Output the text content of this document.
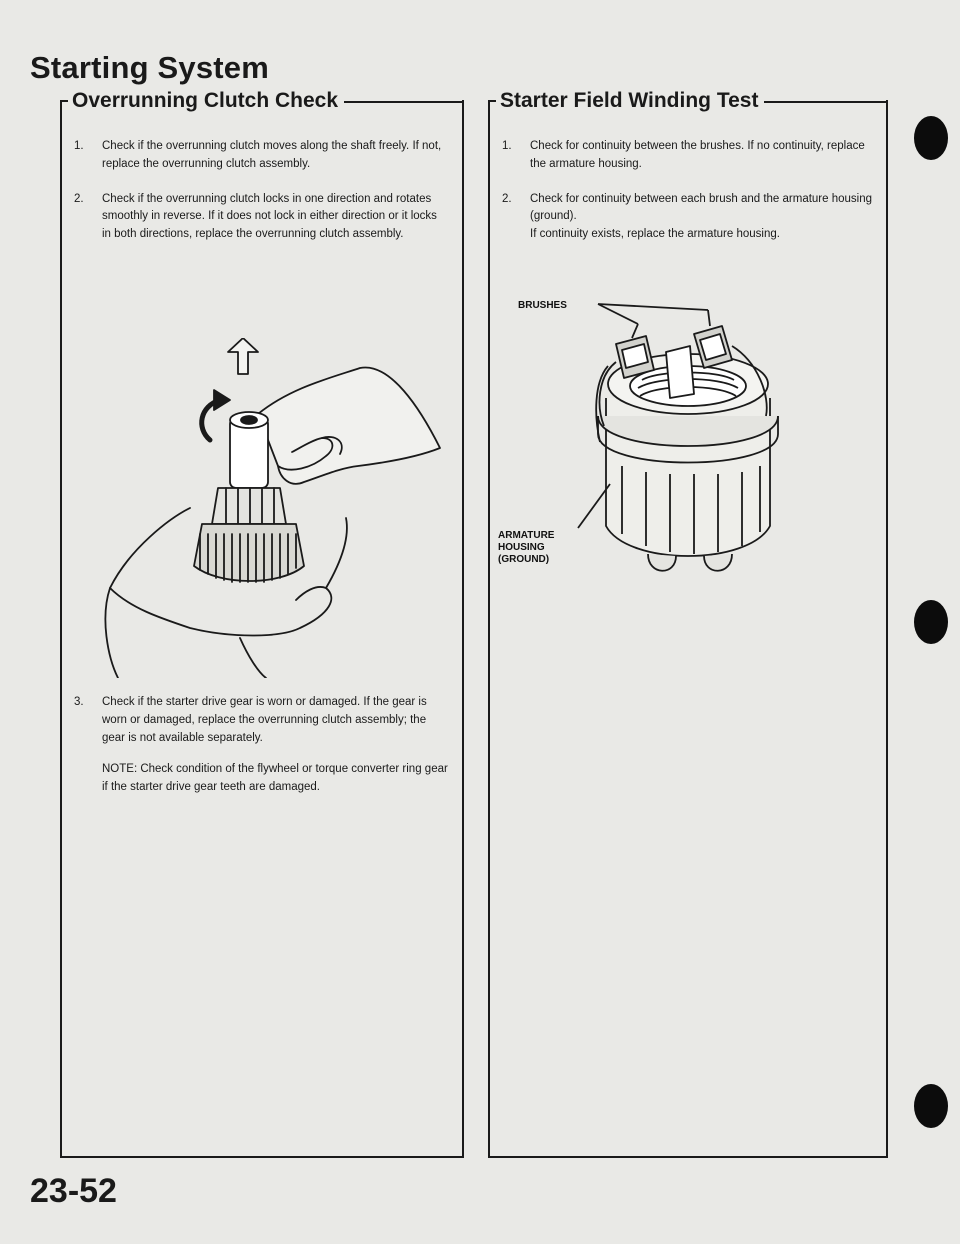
Starting System
Overrunning Clutch Check
1.	Check if the overrunning clutch moves along the shaft freely. If not, replace the overrunning clutch assembly.

2.	Check if the overrunning clutch locks in one direction and rotates smoothly in reverse. If it does not lock in either direction or it locks in both directions, replace the overrunning clutch assembly.

3.	Check if the starter drive gear is worn or damaged. If the gear is worn or damaged, replace the overrunning clutch assembly; the gear is not available separately.

NOTE: Check condition of the flywheel or torque converter ring gear if the starter drive gear teeth are damaged.

Starter Field Winding Test
1.	Check for continuity between the brushes. If no continuity, replace the armature housing.

2.	Check for continuity between each brush and the armature housing (ground).

If continuity exists, replace the armature housing.

BRUSHES
ARMATURE
HOUSING
(GROUND)
23-52
